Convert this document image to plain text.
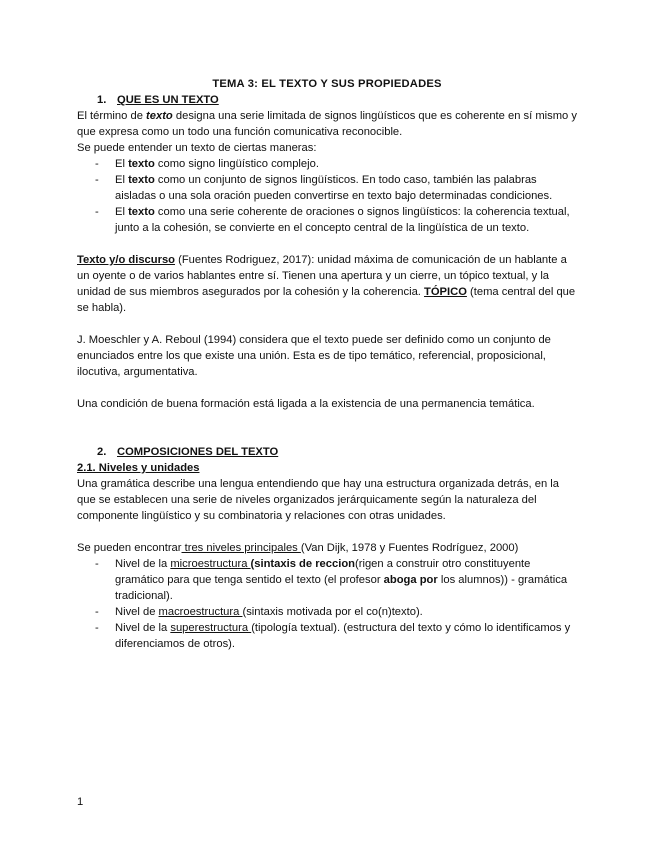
TEMA 3: EL TEXTO Y SUS PROPIEDADES

1. QUE ES UN TEXTO

El término de texto designa una serie limitada de signos lingüísticos que es coherente en sí mismo y que expresa como un todo una función comunicativa reconocible.

Se puede entender un texto de ciertas maneras:

- El texto como signo lingüístico complejo.
- El texto como un conjunto de signos lingüísticos. En todo caso, también las palabras aisladas o una sola oración pueden convertirse en texto bajo determinadas condiciones.
- El texto como una serie coherente de oraciones o signos lingüísticos: la coherencia textual, junto a la cohesión, se convierte en el concepto central de la lingüística de un texto.

Texto y/o discurso (Fuentes Rodriguez, 2017): unidad máxima de comunicación de un hablante a un oyente o de varios hablantes entre sí. Tienen una apertura y un cierre, un tópico textual, y la unidad de sus miembros asegurados por la cohesión y la coherencia. TÓPICO (tema central del que se habla).

J. Moeschler y A. Reboul (1994) considera que el texto puede ser definido como un conjunto de enunciados entre los que existe una unión. Esta es de tipo temático, referencial, proposicional, ilocutiva, argumentativa.

Una condición de buena formación está ligada a la existencia de una permanencia temática.

2. COMPOSICIONES DEL TEXTO

2.1. Niveles y unidades

Una gramática describe una lengua entendiendo que hay una estructura organizada detrás, en la que se establecen una serie de niveles organizados jerárquicamente según la naturaleza del componente lingüístico y su combinatoria y relaciones con otras unidades.

Se pueden encontrar tres niveles principales (Van Dijk, 1978 y Fuentes Rodríguez, 2000)

- Nivel de la microestructura (sintaxis de reccion(rigen a construir otro constituyente gramático para que tenga sentido el texto (el profesor aboga por los alumnos)) - gramática tradicional).
- Nivel de macroestructura (sintaxis motivada por el co(n)texto).
- Nivel de la superestructura (tipología textual). (estructura del texto y cómo lo identificamos y diferenciamos de otros).
1
